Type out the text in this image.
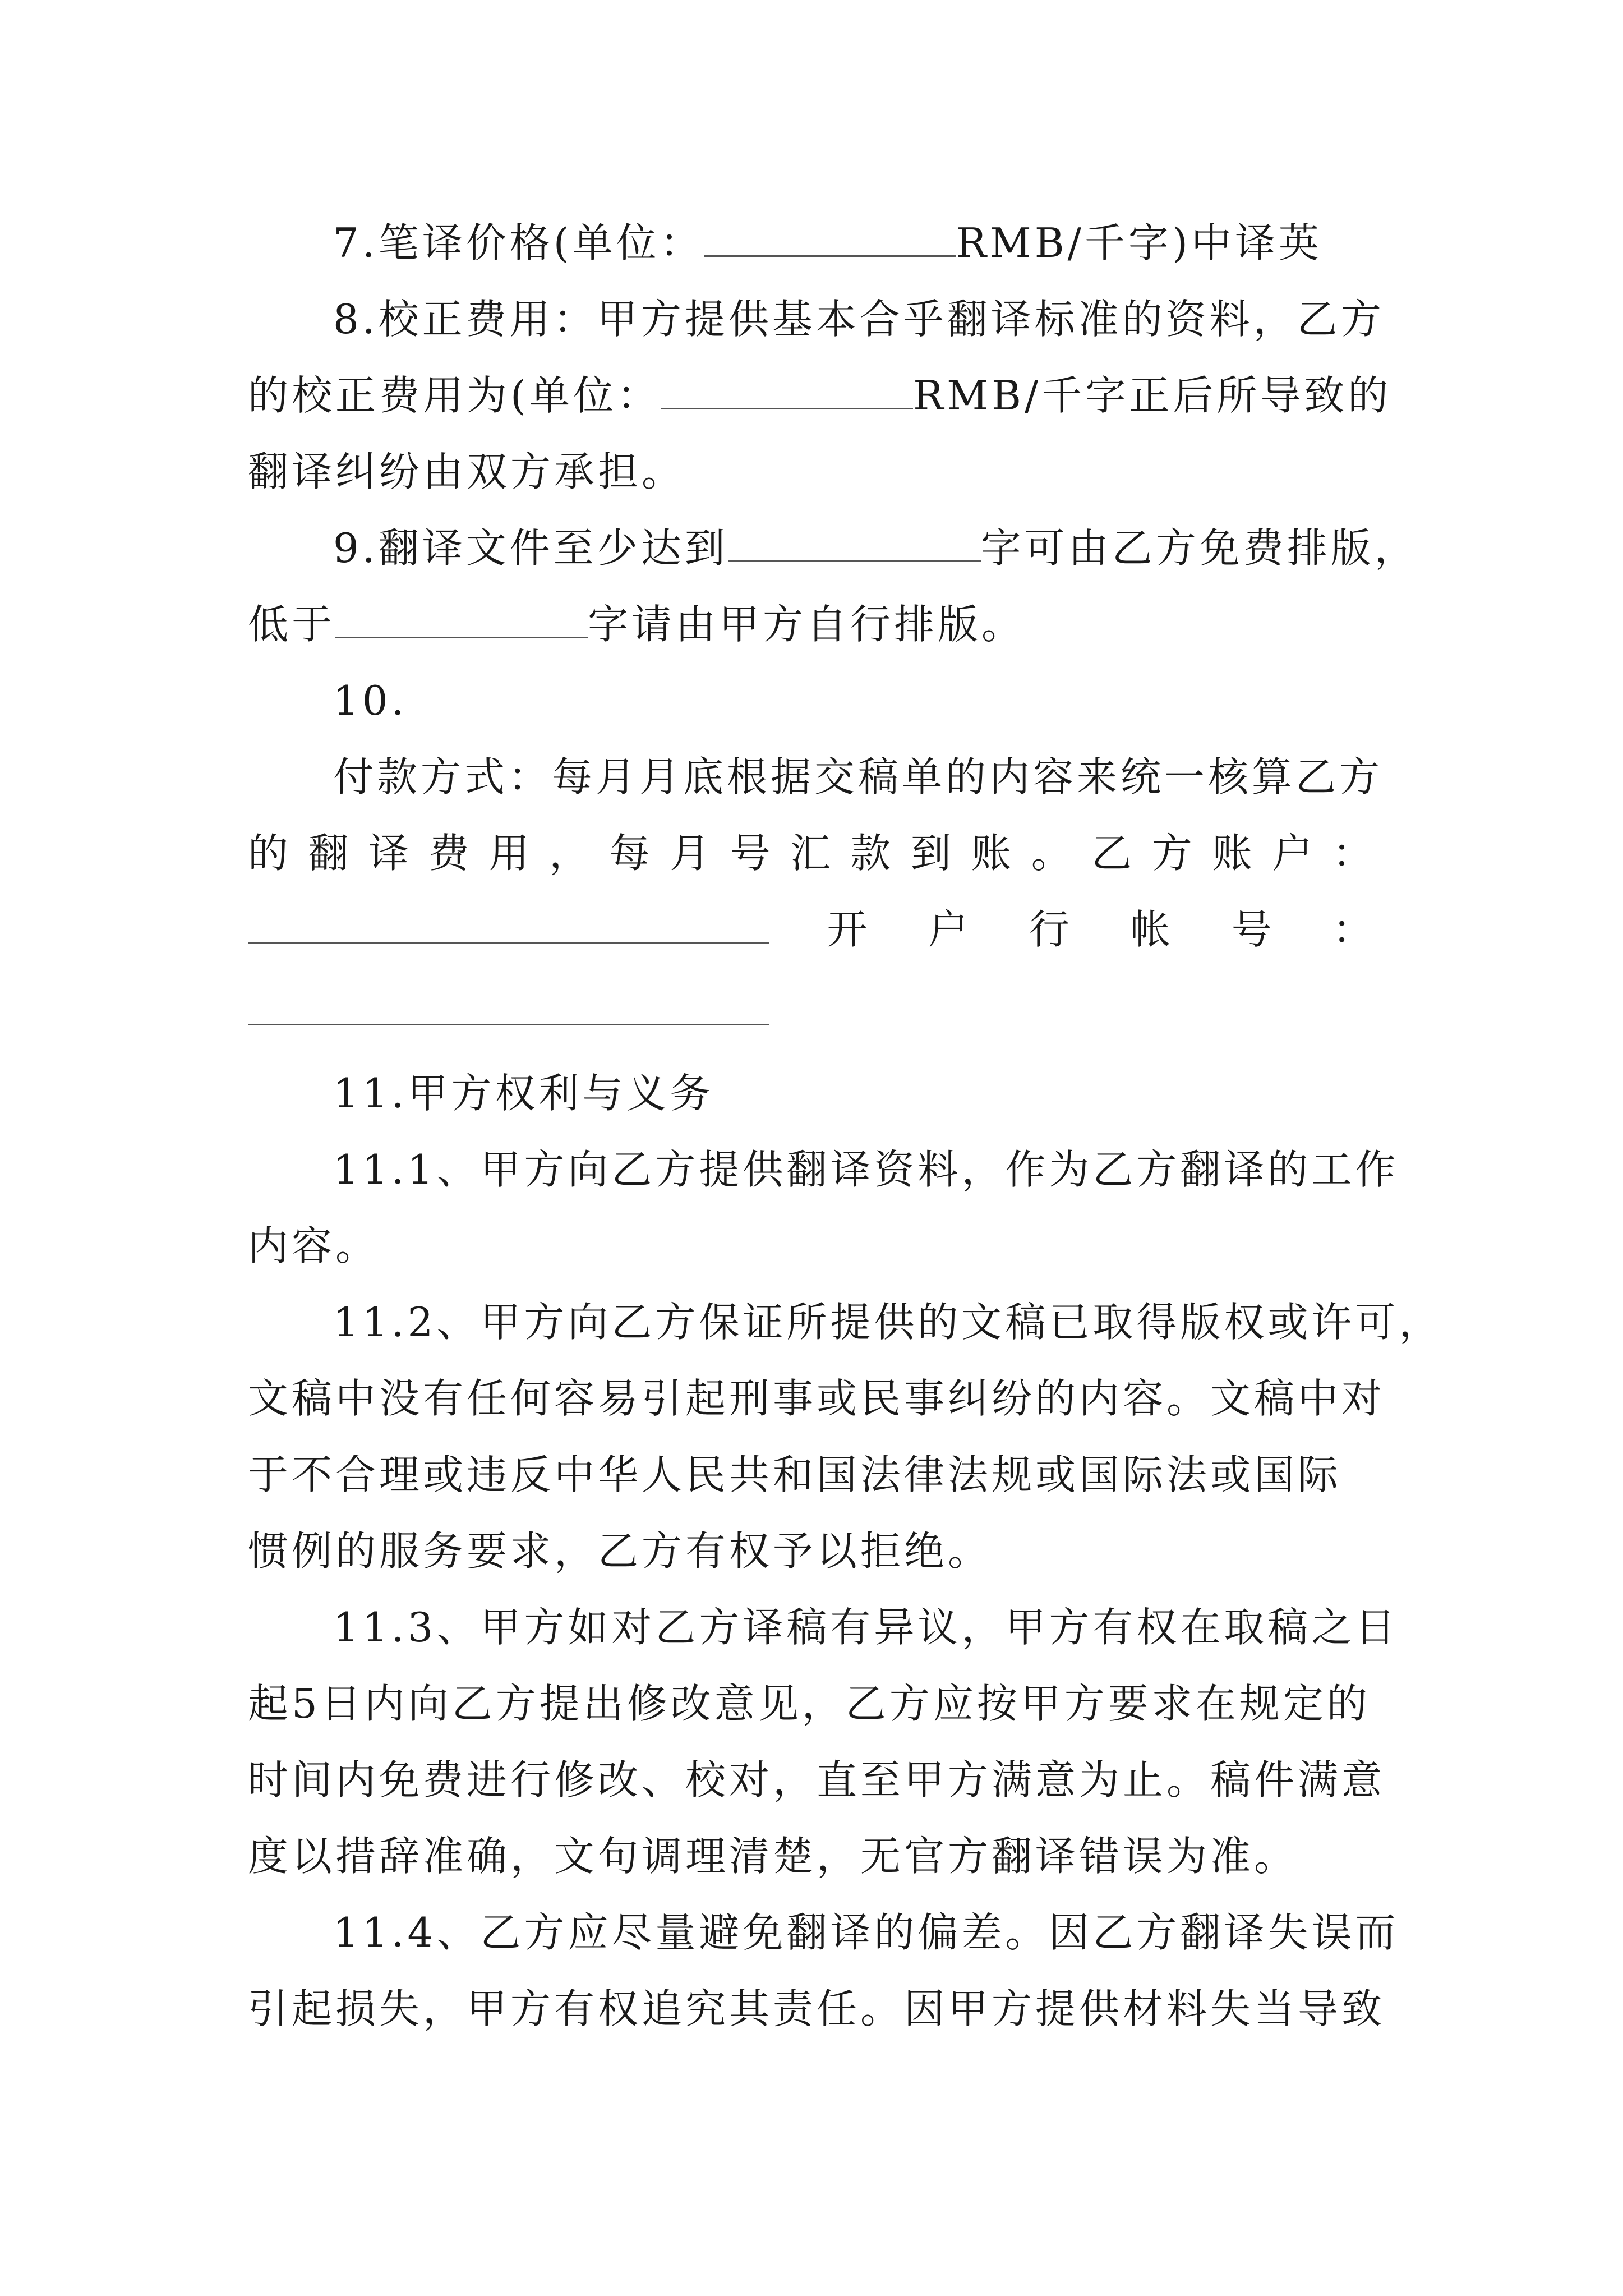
7.笔译价格(单位：	RMB/千字)中译英
8.校正费用：甲方提供基本合乎翻译标准的资料，乙方
的校正费用为(单位：	RMB/千字正后所导致的
翻译纠纷由双方承担。
9.翻译文件至少达到	字可由乙方免费排版，
低于	字请由甲方自行排版。
10.
付款方式：每月月底根据交稿单的内容来统一核算乙方
的 翻 译 费 用 ， 每 月 号 汇 款 到 账 。 乙 方 账 户 ：
开 户 行 帐 号 ：
11.甲方权利与义务
11.1、甲方向乙方提供翻译资料，作为乙方翻译的工作
内容。
11.2、甲方向乙方保证所提供的文稿已取得版权或许可，
文稿中没有任何容易引起刑事或民事纠纷的内容。文稿中对
于不合理或违反中华人民共和国法律法规或国际法或国际
惯例的服务要求，乙方有权予以拒绝。
11.3、甲方如对乙方译稿有异议，甲方有权在取稿之日
起5日内向乙方提出修改意见，乙方应按甲方要求在规定的
时间内免费进行修改、校对，直至甲方满意为止。稿件满意
度以措辞准确，文句调理清楚，无官方翻译错误为准。
11.4、乙方应尽量避免翻译的偏差。因乙方翻译失误而
引起损失，甲方有权追究其责任。因甲方提供材料失当导致
